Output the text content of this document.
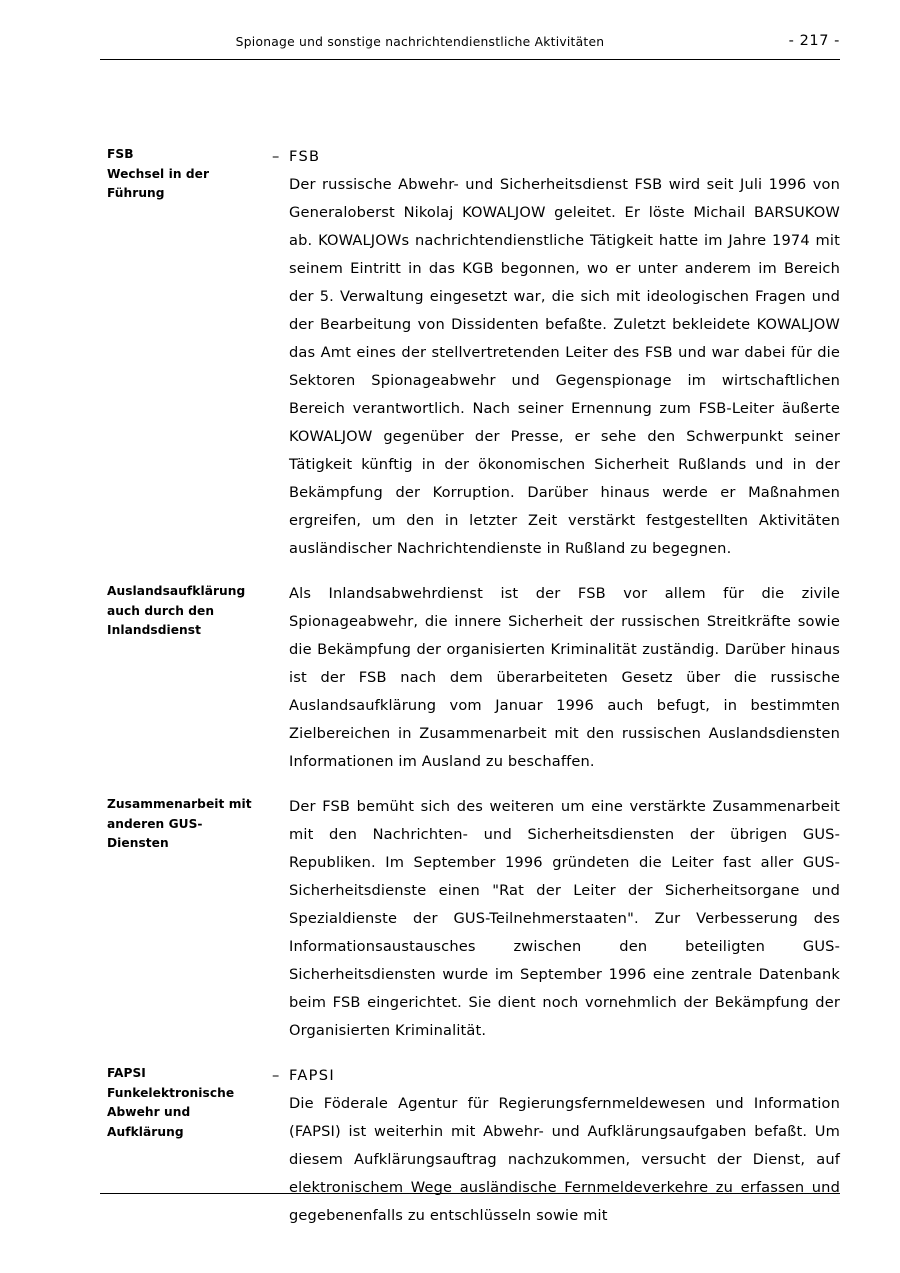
Spionage und sonstige nachrichtendienstliche Aktivitäten	- 217 -
FSB
Wechsel in der
Führung
– FSB

Der russische Abwehr- und Sicherheitsdienst FSB wird seit Juli 1996 von Generaloberst Nikolaj KOWALJOW geleitet. Er löste Michail BARSUKOW ab. KOWALJOWs nachrichtendienstliche Tätigkeit hatte im Jahre 1974 mit seinem Eintritt in das KGB begonnen, wo er unter anderem im Bereich der 5. Verwaltung eingesetzt war, die sich mit ideologischen Fragen und der Bearbeitung von Dissidenten befaßte. Zuletzt bekleidete KOWALJOW das Amt eines der stellvertretenden Leiter des FSB und war dabei für die Sektoren Spionageabwehr und Gegenspionage im wirtschaftlichen Bereich verantwortlich. Nach seiner Ernennung zum FSB-Leiter äußerte KOWALJOW gegenüber der Presse, er sehe den Schwerpunkt seiner Tätigkeit künftig in der ökonomischen Sicherheit Rußlands und in der Bekämpfung der Korruption. Darüber hinaus werde er Maßnahmen ergreifen, um den in letzter Zeit verstärkt festgestellten Aktivitäten ausländischer Nachrichtendienste in Rußland zu begegnen.

Auslandsaufklärung
auch durch den
Inlandsdienst

Als Inlandsabwehrdienst ist der FSB vor allem für die zivile Spionageabwehr, die innere Sicherheit der russischen Streitkräfte sowie die Bekämpfung der organisierten Kriminalität zuständig. Darüber hinaus ist der FSB nach dem überarbeiteten Gesetz über die russische Auslandsaufklärung vom Januar 1996 auch befugt, in bestimmten Zielbereichen in Zusammenarbeit mit den russischen Auslandsdiensten Informationen im Ausland zu beschaffen.

Zusammenarbeit mit
anderen GUS-
Diensten

Der FSB bemüht sich des weiteren um eine verstärkte Zusammenarbeit mit den Nachrichten- und Sicherheitsdiensten der übrigen GUS-Republiken. Im September 1996 gründeten die Leiter fast aller GUS-Sicherheitsdienste einen "Rat der Leiter der Sicherheitsorgane und Spezialdienste der GUS-Teilnehmerstaaten". Zur Verbesserung des Informationsaustausches zwischen den beteiligten GUS-Sicherheitsdiensten wurde im September 1996 eine zentrale Datenbank beim FSB eingerichtet. Sie dient noch vornehmlich der Bekämpfung der Organisierten Kriminalität.

FAPSI
Funkelektronische
Abwehr und
Aufklärung
– FAPSI

Die Föderale Agentur für Regierungsfernmeldewesen und Information (FAPSI) ist weiterhin mit Abwehr- und Aufklärungsaufgaben befaßt. Um diesem Aufklärungsauftrag nachzukommen, versucht der Dienst, auf elektronischem Wege ausländische Fernmeldeverkehre zu erfassen und gegebenenfalls zu entschlüsseln sowie mit
